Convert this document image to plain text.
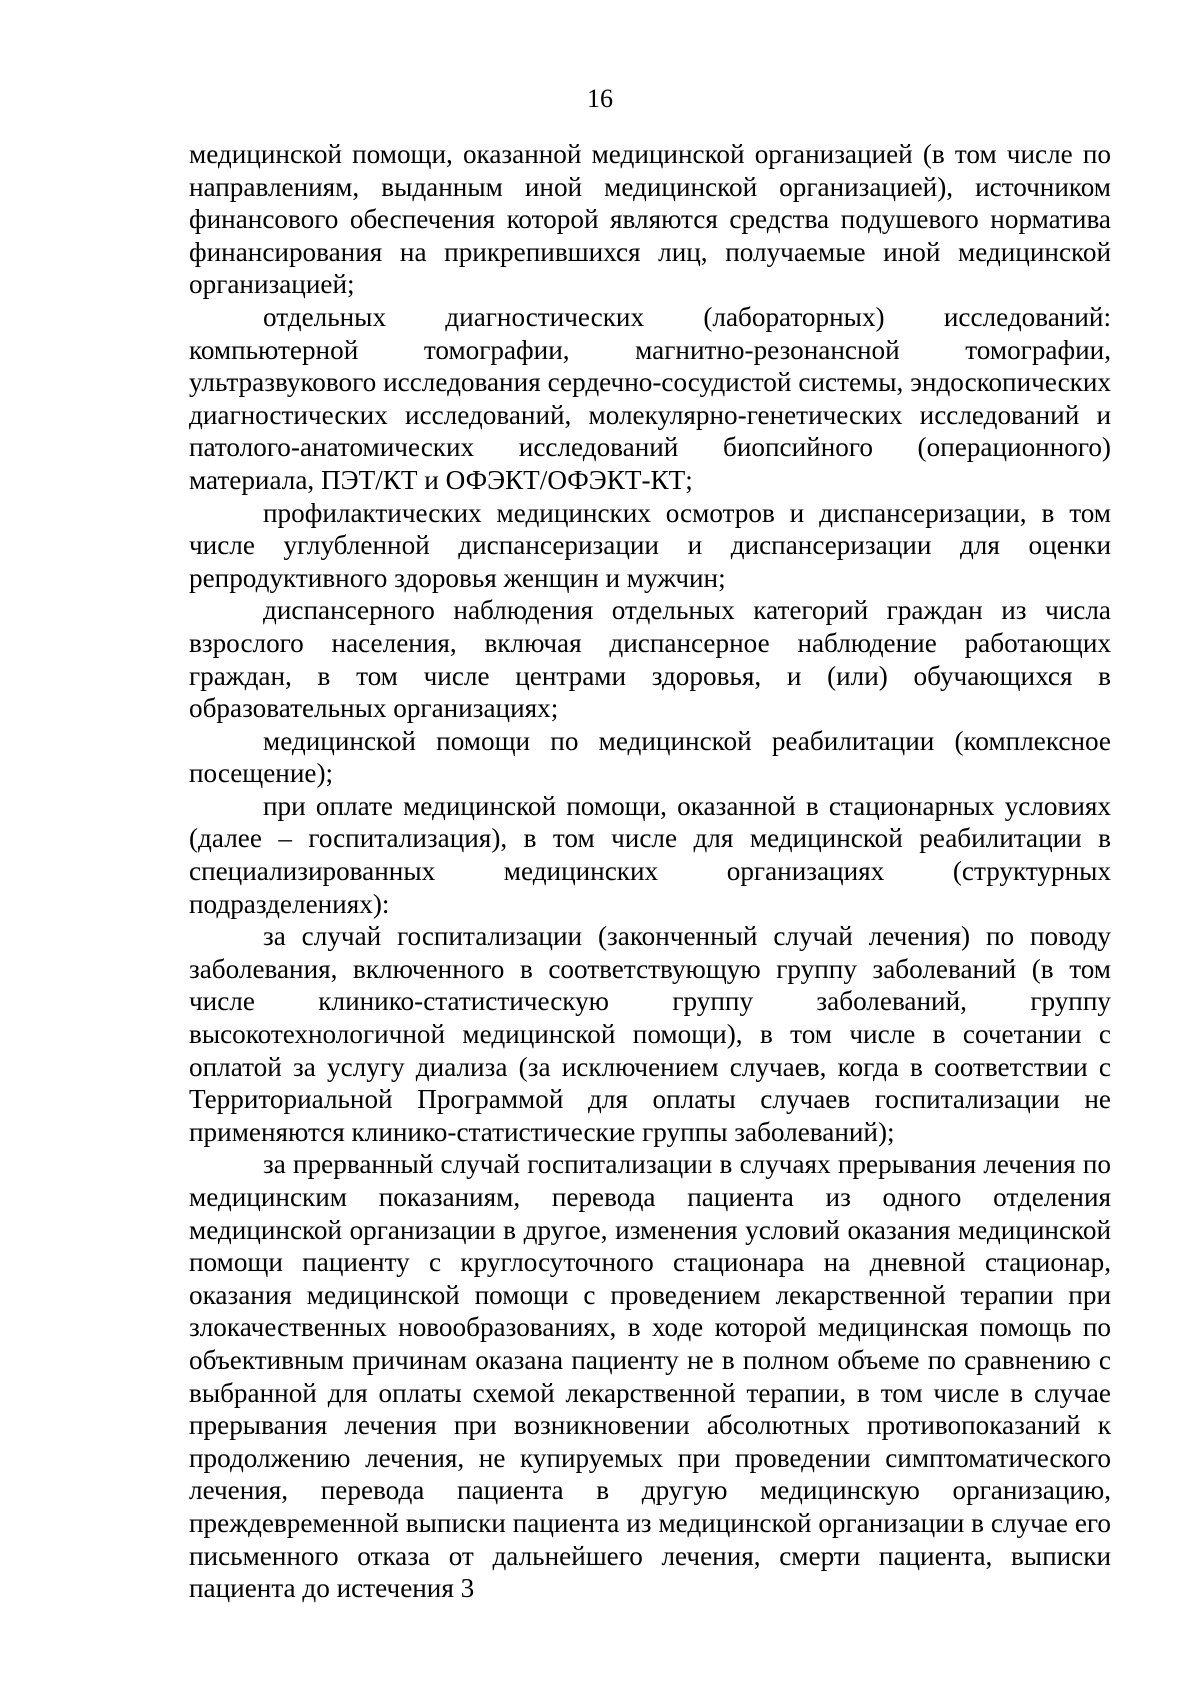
16

медицинской помощи, оказанной медицинской организацией (в том числе по направлениям, выданным иной медицинской организацией), источником финансового обеспечения которой являются средства подушевого норматива финансирования на прикрепившихся лиц, получаемые иной медицинской организацией;

отдельных диагностических (лабораторных) исследований: компьютерной томографии, магнитно-резонансной томографии, ультразвукового исследования сердечно-сосудистой системы, эндоскопических диагностических исследований, молекулярно-генетических исследований и патолого-анатомических исследований биопсийного (операционного) материала, ПЭТ/КТ и ОФЭКТ/ОФЭКТ-КТ;

профилактических медицинских осмотров и диспансеризации, в том числе углубленной диспансеризации и диспансеризации для оценки репродуктивного здоровья женщин и мужчин;

диспансерного наблюдения отдельных категорий граждан из числа взрослого населения, включая диспансерное наблюдение работающих граждан, в том числе центрами здоровья, и (или) обучающихся в образовательных организациях;

медицинской помощи по медицинской реабилитации (комплексное посещение);

при оплате медицинской помощи, оказанной в стационарных условиях (далее – госпитализация), в том числе для медицинской реабилитации в специализированных медицинских организациях (структурных подразделениях):

за случай госпитализации (законченный случай лечения) по поводу заболевания, включенного в соответствующую группу заболеваний (в том числе клинико-статистическую группу заболеваний, группу высокотехнологичной медицинской помощи), в том числе в сочетании с оплатой за услугу диализа (за исключением случаев, когда в соответствии с Территориальной Программой для оплаты случаев госпитализации не применяются клинико-статистические группы заболеваний);

за прерванный случай госпитализации в случаях прерывания лечения по медицинским показаниям, перевода пациента из одного отделения медицинской организации в другое, изменения условий оказания медицинской помощи пациенту с круглосуточного стационара на дневной стационар, оказания медицинской помощи с проведением лекарственной терапии при злокачественных новообразованиях, в ходе которой медицинская помощь по объективным причинам оказана пациенту не в полном объеме по сравнению с выбранной для оплаты схемой лекарственной терапии, в том числе в случае прерывания лечения при возникновении абсолютных противопоказаний к продолжению лечения, не купируемых при проведении симптоматического лечения, перевода пациента в другую медицинскую организацию, преждевременной выписки пациента из медицинской организации в случае его письменного отказа от дальнейшего лечения, смерти пациента, выписки пациента до истечения 3
